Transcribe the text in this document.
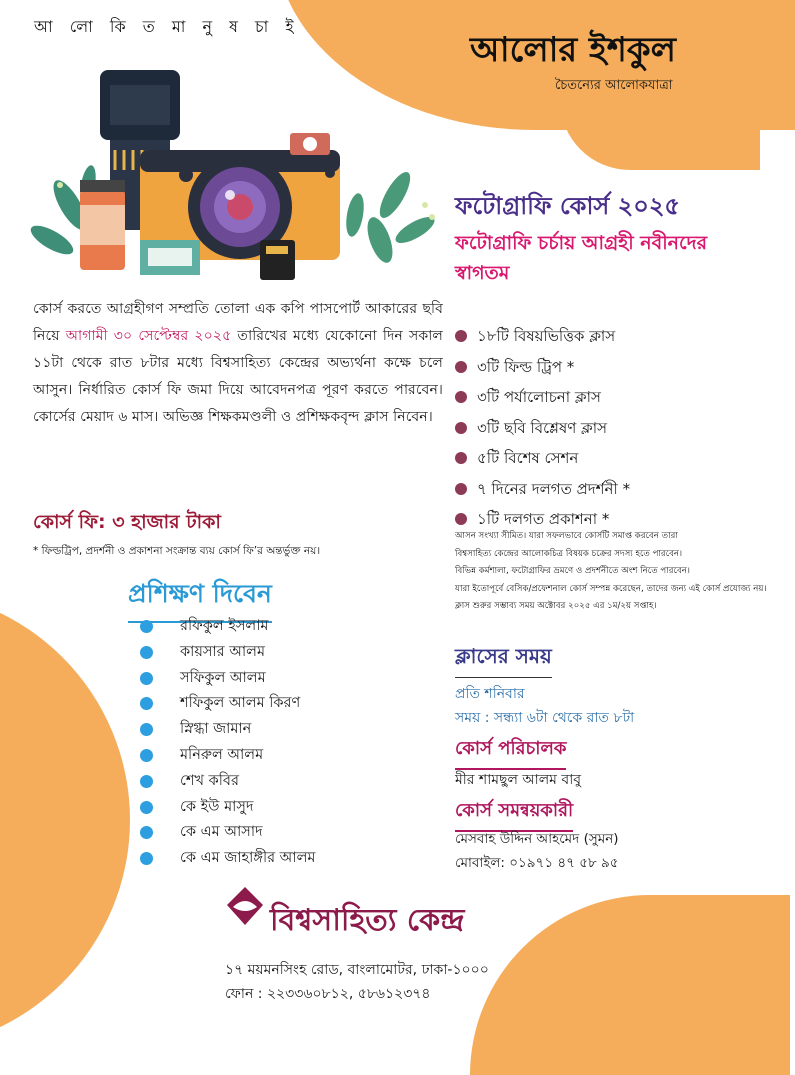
আ লো কি ত মা নু ষ চা ই
আলোর ইশকুল
চৈতন্যের আলোকযাত্রা
ফটোগ্রাফি কোর্স ২০২৫
ফটোগ্রাফি চর্চায় আগ্রহী নবীনদের স্বাগতম
কোর্স করতে আগ্রহীগণ সম্প্রতি তোলা এক কপি পাসপোর্ট আকারের ছবি নিয়ে আগামী ৩০ সেপ্টেম্বর ২০২৫ তারিখের মধ্যে যেকোনো দিন সকাল ১১টা থেকে রাত ৮টার মধ্যে বিশ্বসাহিত্য কেন্দ্রের অভ্যর্থনা কক্ষে চলে আসুন। নির্ধারিত কোর্স ফি জমা দিয়ে আবেদনপত্র পূরণ করতে পারবেন। কোর্সের মেয়াদ ৬ মাস। অভিজ্ঞ শিক্ষকমণ্ডলী ও প্রশিক্ষকবৃন্দ ক্লাস নিবেন।
কোর্স ফি: ৩ হাজার টাকা
* ফিল্ডট্রিপ, প্রদর্শনী ও প্রকাশনা সংক্রান্ত ব্যয় কোর্স ফি’র অন্তর্ভুক্ত নয়।
প্রশিক্ষণ দিবেন
রফিকুল ইসলাম
কায়সার আলম
সফিকুল আলম
শফিকুল আলম কিরণ
স্নিগ্ধা জামান
মনিরুল আলম
শেখ কবির
কে ইউ মাসুদ
কে এম আসাদ
কে এম জাহাঙ্গীর আলম
১৮টি বিষয়ভিত্তিক ক্লাস
৩টি ফিল্ড ট্রিপ *
৩টি পর্যালোচনা ক্লাস
৩টি ছবি বিশ্লেষণ ক্লাস
৫টি বিশেষ সেশন
৭ দিনের দলগত প্রদর্শনী *
১টি দলগত প্রকাশনা *

আসন সংখ্যা সীমিত। যারা সফলভাবে কোর্সটি সমাপ্ত করবেন তারা

বিশ্বসাহিত্য কেন্দ্রের আলোকচিত্র বিষয়ক চক্রের সদস্য হতে পারবেন।

বিভিন্ন কর্মশালা, ফটোগ্রাফির ভ্রমণে ও প্রদর্শনীতে অংশ নিতে পারবেন।

যারা ইতোপূর্বে বেসিক/প্রফেশনাল কোর্স সম্পন্ন করেছেন, তাদের জন্য এই কোর্স প্রযোজ্য নয়।

ক্লাস শুরুর সম্ভাব্য সময় অক্টোবর ২০২৫ এর ১ম/২য় সপ্তাহ।

ক্লাসের সময়
প্রতি শনিবার
সময় : সন্ধ্যা ৬টা থেকে রাত ৮টা
কোর্স পরিচালক
মীর শামছুল আলম বাবু
কোর্স সমন্বয়কারী
মেসবাহ উদ্দিন আহমেদ (সুমন)
মোবাইল: ০১৯৭১ ৪৭ ৫৮ ৯৫
বিশ্বসাহিত্য কেন্দ্র
১৭ ময়মনসিংহ রোড, বাংলামোটর, ঢাকা-১০০০
ফোন : ২২৩৩৬০৮১২, ৫৮৬১২৩৭৪
